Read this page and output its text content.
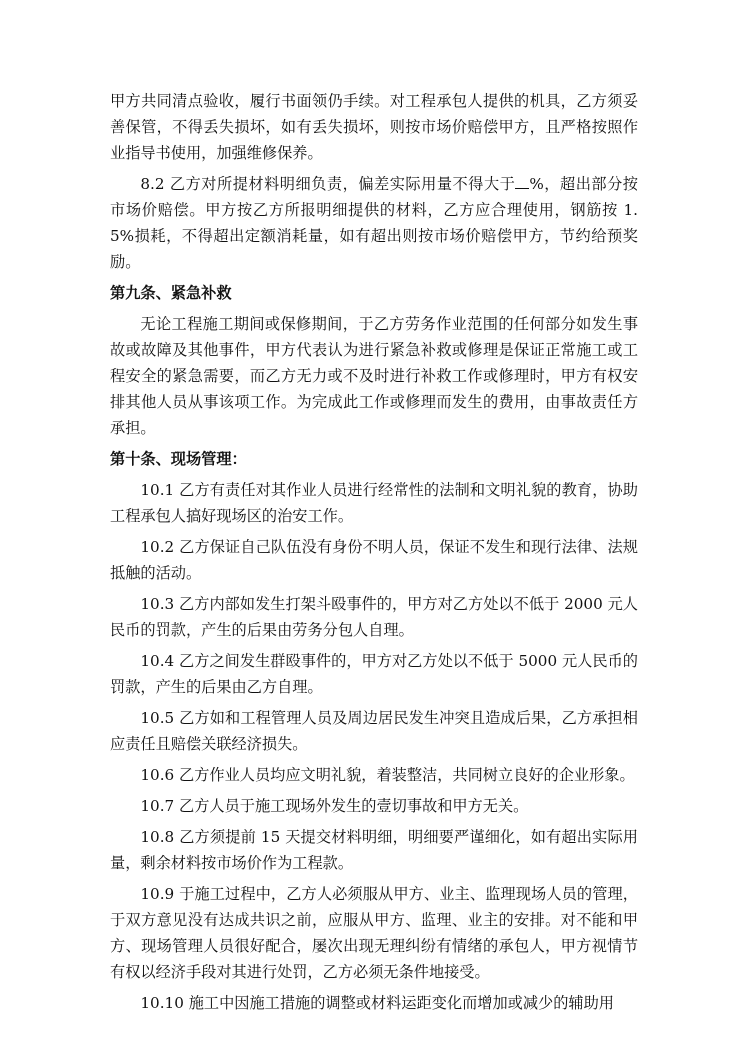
甲方共同清点验收，履行书面领仍手续。对工程承包人提供的机具，乙方须妥善保管，不得丢失损坏，如有丢失损坏，则按市场价赔偿甲方，且严格按照作业指导书使用，加强维修保养。

8.2 乙方对所提材料明细负责，偏差实际用量不得大于 %，超出部分按市场价赔偿。甲方按乙方所报明细提供的材料，乙方应合理使用，钢筋按 1.5%损耗，不得超出定额消耗量，如有超出则按市场价赔偿甲方，节约给预奖励。

第九条、紧急补救

无论工程施工期间或保修期间，于乙方劳务作业范围的任何部分如发生事故或故障及其他事件，甲方代表认为进行紧急补救或修理是保证正常施工或工程安全的紧急需要，而乙方无力或不及时进行补救工作或修理时，甲方有权安排其他人员从事该项工作。为完成此工作或修理而发生的费用，由事故责任方承担。

第十条、现场管理：

10.1 乙方有责任对其作业人员进行经常性的法制和文明礼貌的教育，协助工程承包人搞好现场区的治安工作。

10.2 乙方保证自己队伍没有身份不明人员，保证不发生和现行法律、法规抵触的活动。

10.3 乙方内部如发生打架斗殴事件的，甲方对乙方处以不低于 2000 元人民币的罚款，产生的后果由劳务分包人自理。

10.4 乙方之间发生群殴事件的，甲方对乙方处以不低于 5000 元人民币的罚款，产生的后果由乙方自理。

10.5 乙方如和工程管理人员及周边居民发生冲突且造成后果，乙方承担相应责任且赔偿关联经济损失。

10.6 乙方作业人员均应文明礼貌，着装整洁，共同树立良好的企业形象。

10.7 乙方人员于施工现场外发生的壹切事故和甲方无关。

10.8 乙方须提前 15 天提交材料明细，明细要严谨细化，如有超出实际用量，剩余材料按市场价作为工程款。

10.9 于施工过程中，乙方人必须服从甲方、业主、监理现场人员的管理，于双方意见没有达成共识之前，应服从甲方、监理、业主的安排。对不能和甲方、现场管理人员很好配合，屡次出现无理纠纷有情绪的承包人，甲方视情节有权以经济手段对其进行处罚，乙方必须无条件地接受。

10.10 施工中因施工措施的调整或材料运距变化而增加或减少的辅助用
